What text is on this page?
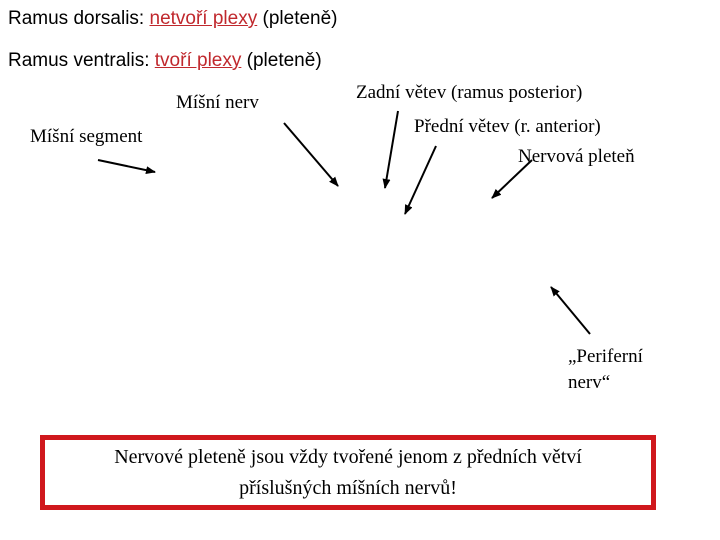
Ramus dorsalis: netvoří plexy (pleteně)
Ramus ventralis: tvoří plexy (pleteně)
Míšní nerv	Zadní větev (ramus posterior)
Míšní segment	Přední větev (r. anterior)
Nervová pleteň
„Periferní nerv“
Nervové pleteně jsou vždy tvořené jenom z předních větví
příslušných míšních nervů!
